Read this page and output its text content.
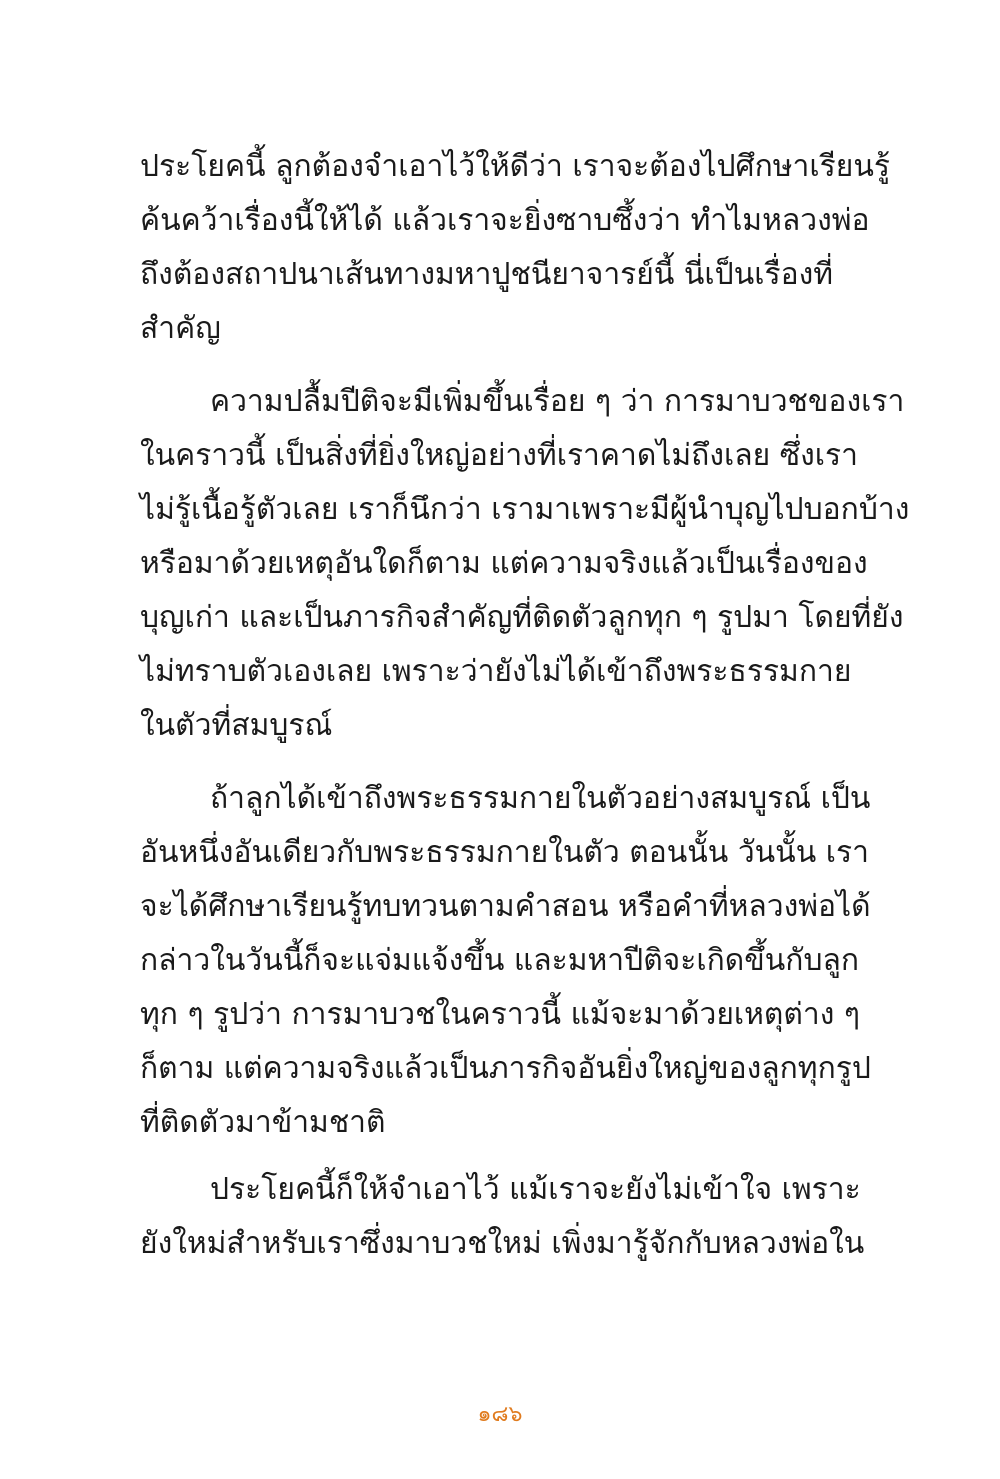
ประโยคนี้ ลูกต้องจำเอาไว้ให้ดีว่า เราจะต้องไปศึกษาเรียนรู้
ค้นคว้าเรื่องนี้ให้ได้ แล้วเราจะยิ่งซาบซึ้งว่า ทำไมหลวงพ่อ
ถึงต้องสถาปนาเส้นทางมหาปูชนียาจารย์นี้ นี่เป็นเรื่องที่
สำคัญ
ความปลื้มปีติจะมีเพิ่มขึ้นเรื่อย ๆ ว่า การมาบวชของเรา
ในคราวนี้ เป็นสิ่งที่ยิ่งใหญ่อย่างที่เราคาดไม่ถึงเลย ซึ่งเรา
ไม่รู้เนื้อรู้ตัวเลย เราก็นึกว่า เรามาเพราะมีผู้นำบุญไปบอกบ้าง
หรือมาด้วยเหตุอันใดก็ตาม แต่ความจริงแล้วเป็นเรื่องของ
บุญเก่า และเป็นภารกิจสำคัญที่ติดตัวลูกทุก ๆ รูปมา โดยที่ยัง
ไม่ทราบตัวเองเลย เพราะว่ายังไม่ได้เข้าถึงพระธรรมกาย
ในตัวที่สมบูรณ์
ถ้าลูกได้เข้าถึงพระธรรมกายในตัวอย่างสมบูรณ์ เป็น
อันหนึ่งอันเดียวกับพระธรรมกายในตัว ตอนนั้น วันนั้น เรา
จะได้ศึกษาเรียนรู้ทบทวนตามคำสอน หรือคำที่หลวงพ่อได้
กล่าวในวันนี้ก็จะแจ่มแจ้งขึ้น และมหาปีติจะเกิดขึ้นกับลูก
ทุก ๆ รูปว่า การมาบวชในคราวนี้ แม้จะมาด้วยเหตุต่าง ๆ
ก็ตาม แต่ความจริงแล้วเป็นภารกิจอันยิ่งใหญ่ของลูกทุกรูป
ที่ติดตัวมาข้ามชาติ
ประโยคนี้ก็ให้จำเอาไว้ แม้เราจะยังไม่เข้าใจ เพราะ
ยังใหม่สำหรับเราซึ่งมาบวชใหม่ เพิ่งมารู้จักกับหลวงพ่อใน
๑๘๖
